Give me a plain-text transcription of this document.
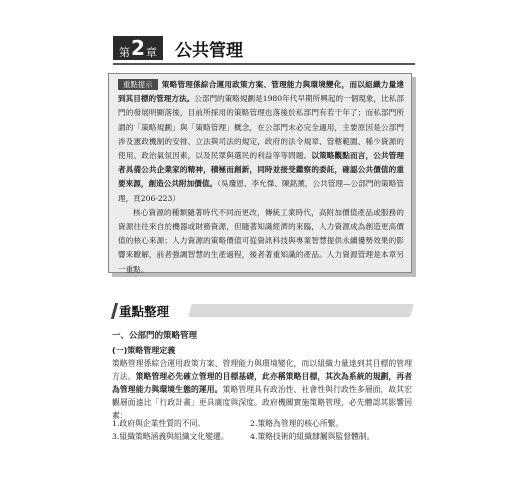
第 2 章 公共管理
重點提示 策略管理係綜合運用政策方案、管理能力與環境變化，而以組織力量達到其目標的管理方法。公部門的策略規劃是1980年代早期所興起的一個現象，比私部門的發展明顯落後，目前所採用的策略管理也落後於私部門有若干年了；而私部門所謂的「策略規劃」與「策略管理」概念，在公部門未必完全適用，主要原因是公部門涉及憲政機制的安排、立法與司法的規定，政府的法令規章、管轄範圍、稀少資源的使用、政治氣氛因素，以及民眾與選民的利益等等問題。以策略觀點而言，公共管理者具備公共企業家的精神，積極而創新，同時並接受鑑察的委託，確認公共價值的重要來源，創造公共附加價值。（吳瓊恩、李允傑、陳銘薰，公共管理—公部門的策略管理，頁206-223）
核心資源的種類隨著時代不同而更改，傳統工業時代，高附加價值產品或服務的資源往往來自於機器或財務資源，但隨著知識經濟的來臨，人力資源成為創造更高價值的核心來源；人力資源的策略價值可從資訊科技與專業智慧提供永續優勢效果的影響來瞭解，前者強調智慧的生產過程，後者著重知識的產品。人力資源管理是本章另一重點。
重點整理
一、公部門的策略管理
(一)策略管理定義

策略管理係綜合運用政策方案、管理能力與環境變化，而以組織力量達到其目標的管理方法。策略管理必先確立管理的目標基礎，此亦稱策略目標，其次為系統的規劃，再者為管理能力與環境生態的運用。策略管理具有政治性、社會性與行政性多層面，故其宏觀層面遠比「行政計畫」更具廣度與深度。政府機關實施策略管理，必先體認其影響因素：

1.政府與企業性質的不同。	2.策略為管理的核心所繫。
3.組織策略涵義與組織文化變遷。	4.策略技術的組織隸屬與監督體制。
